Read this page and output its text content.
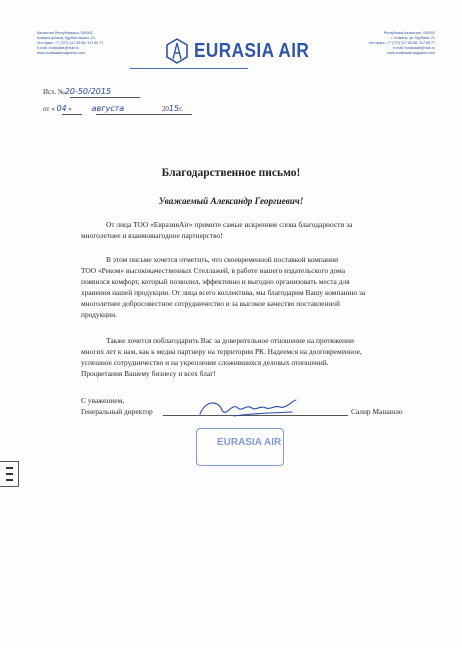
Казахстан Республикасы, 050002
Алматы қаласы, Құрбан көшесі, 21
тел./факс: +7 (727) 317 85 65, 317 85 77
e-mail: eurasiaair@mail.ru
www.eurasiaairmagazine.com	EURASIA AIR
Республика Казахстан, 050002
г. Алматы, ул. Курбана, 21
тел./факс: +7 (727) 317 85 65, 317 85 77
e-mail: eurasiaair@mail.ru
www.eurasiaairmagazine.com
Исх. №20-50/2015
от « 04 » августа	2015г.
Благодарственное письмо!
Уважаемый Александр Георгиевич!
От лица ТОО «ЕвразияAir» примите самые искренние слова благодарности за
многолетнее и взаимовыгодное партнерство!
В этом письме хочется отметить, что своевременной поставкой компании
ТОО «Реком» высококачественных Стеллажей, в работе нашего издательского дома
появился комфорт, который позволил, эффективно и выгодно организовать места для
хранения нашей продукции. От лица всего коллектива, мы благодарим Вашу компанию за
многолетнее добросовестное сотрудничество и за высокое качество поставленной
продукции.
Также хочется поблагодарить Вас за доверительное отношение на протяжении
многих лет к нам, как к медиа партнеру на территории РК. Надеемся на долговременное,
успешное сотрудничество и на укрепление сложившихся деловых отношений.
Процветания Вашему бизнесу и всех благ!
EURASIA AIR
С уважением,
Генеральный директор	Салир Машанло
